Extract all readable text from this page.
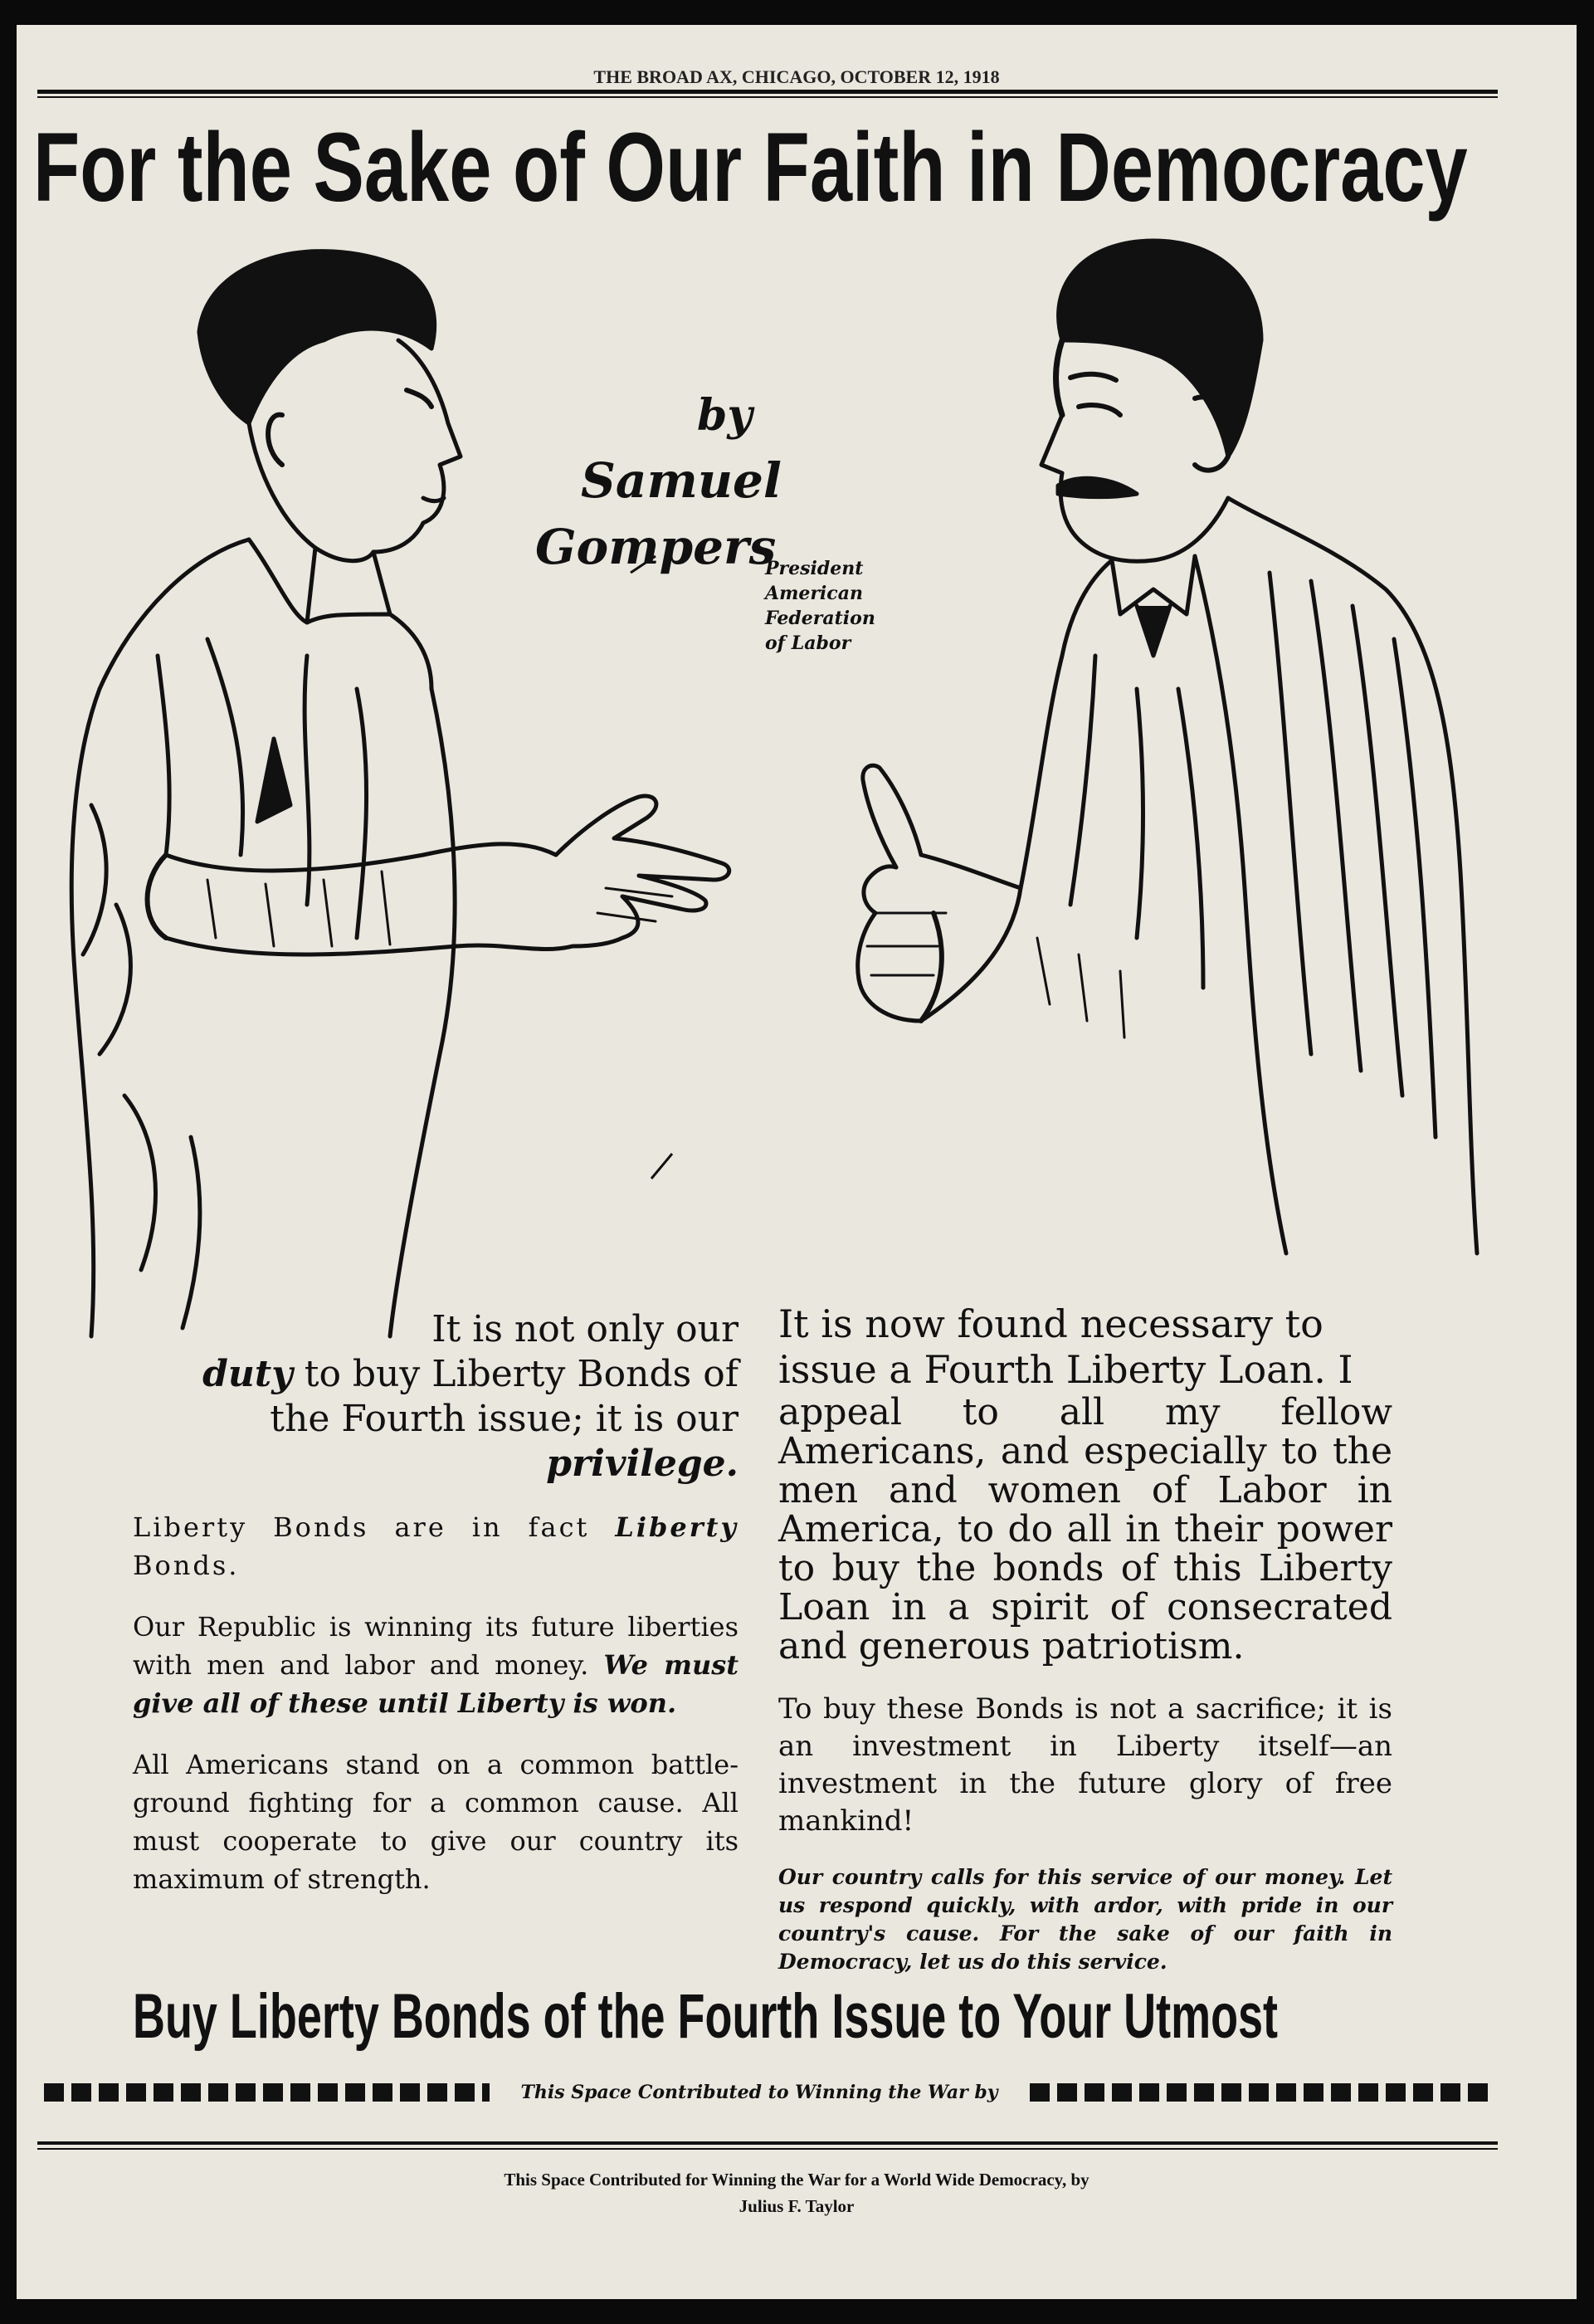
THE BROAD AX, CHICAGO, OCTOBER 12, 1918
For the Sake of Our Faith in Democracy
by
Samuel
Gompers
President
American
Federation
of Labor

It is not only our
duty to buy Liberty Bonds of the Fourth issue; it is our privilege.

Liberty Bonds are in fact Liberty Bonds.

Our Republic is winning its future liberties with men and labor and money. We must give all of these until Liberty is won.

All Americans stand on a common battle-ground fighting for a common cause. All must cooperate to give our country its maximum of strength.

It is now found necessary to issue a Fourth Liberty Loan. I

appeal to all my fellow Americans, and especially to the men and women of Labor in America, to do all in their power to buy the bonds of this Liberty Loan in a spirit of consecrated and generous patriotism.

To buy these Bonds is not a sacrifice; it is an investment in Liberty itself—an investment in the future glory of free mankind!

Our country calls for this service of our money. Let us respond quickly, with ardor, with pride in our country's cause. For the sake of our faith in Democracy, let us do this service.

Buy Liberty Bonds of the Fourth Issue to Your Utmost
This Space Contributed to Winning the War by
This Space Contributed for Winning the War for a World Wide Democracy, by
Julius F. Taylor
